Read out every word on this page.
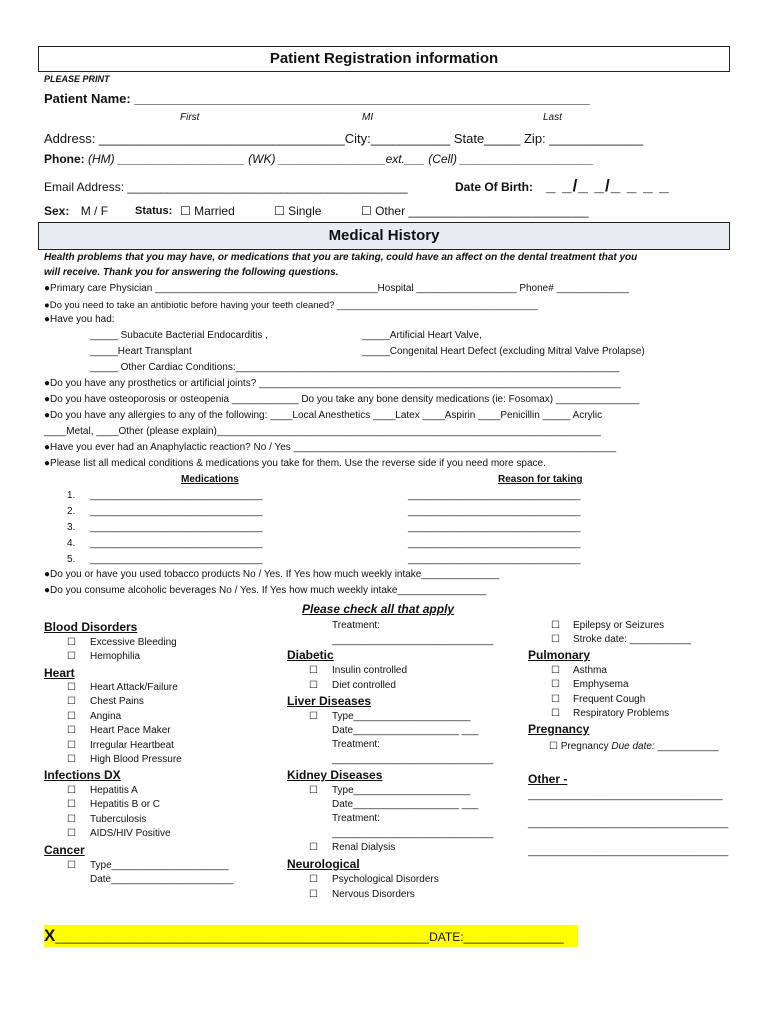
Patient Registration information
PLEASE PRINT
Patient Name: _______________________________________________________________
First	MI	Last
Address: __________________________________City:___________ State_____ Zip: _____________
Phone: (HM) ___________________ (WK) ________________ext.___ (Cell) ____________________
Email Address: __________________________________________	Date Of Birth: _ _/_ _/_ _ _ _
Sex: M / F Status: ☐ Married	☐ Single	☐ Other ___________________________
Medical History
Health problems that you may have, or medications that you are taking, could have an affect on the dental treatment that you
will receive. Thank you for answering the following questions.
●Primary care Physician ________________________________________Hospital __________________ Phone# _____________
●Do you need to take an antibiotic before having your teeth cleaned? ______________________________________
●Have you had:
_____ Subacute Bacterial Endocarditis ,	_____Artificial Heart Valve,
_____Heart Transplant	_____Congenital Heart Defect (excluding Mitral Valve Prolapse)
_____ Other Cardiac Conditions:_____________________________________________________________________
●Do you have any prosthetics or artificial joints? _________________________________________________________________
●Do you have osteoporosis or osteopenia ____________ Do you take any bone density medications (ie: Fosomax) _______________
●Do you have any allergies to any of the following: ____Local Anesthetics ____Latex ____Aspirin ____Penicillin _____ Acrylic
____Metal, ____Other (please explain)_____________________________________________________________________
●Have you ever had an Anaphylactic reaction? No / Yes __________________________________________________________
●Please list all medical conditions & medications you take for them. Use the reverse side if you need more space.
Medications	Reason for taking
1. _______________________________	_______________________________
2. _______________________________	_______________________________
3. _______________________________	_______________________________
4. _______________________________	_______________________________
5. _______________________________	_______________________________
●Do you or have you used tobacco products No / Yes. If Yes how much weekly intake______________
●Do you consume alcoholic beverages No / Yes. If Yes how much weekly intake________________
Please check all that apply
Blood Disorders
☐ Excessive Bleeding
☐ Hemophilia
Heart
☐ Heart Attack/Failure
☐ Chest Pains
☐ Angina
☐ Heart Pace Maker
☐ Irregular Heartbeat
☐ High Blood Pressure
Infections DX
☐ Hepatitis A
☐ Hepatitis B or C
☐ Tuberculosis
☐ AIDS/HIV Positive
Cancer
☐ Type_____________________
Date______________________
Treatment:
_____________________________
Diabetic
☐ Insulin controlled
☐ Diet controlled
Liver Diseases
☐ Type_____________________
Date___________________ ___
Treatment:
_____________________________
Kidney Diseases
☐ Type_____________________
Date___________________ ___
Treatment:
_____________________________
☐ Renal Dialysis
Neurological
☐ Psychological Disorders
☐ Nervous Disorders
☐ Epilepsy or Seizures
☐ Stroke date: ___________
Pulmonary
☐ Asthma
☐ Emphysema
☐ Frequent Cough
☐ Respiratory Problems
Pregnancy
☐ Pregnancy Due date: ___________
Other -
___________________________________
____________________________________
____________________________________
X________________________________________________________DATE:_______________
